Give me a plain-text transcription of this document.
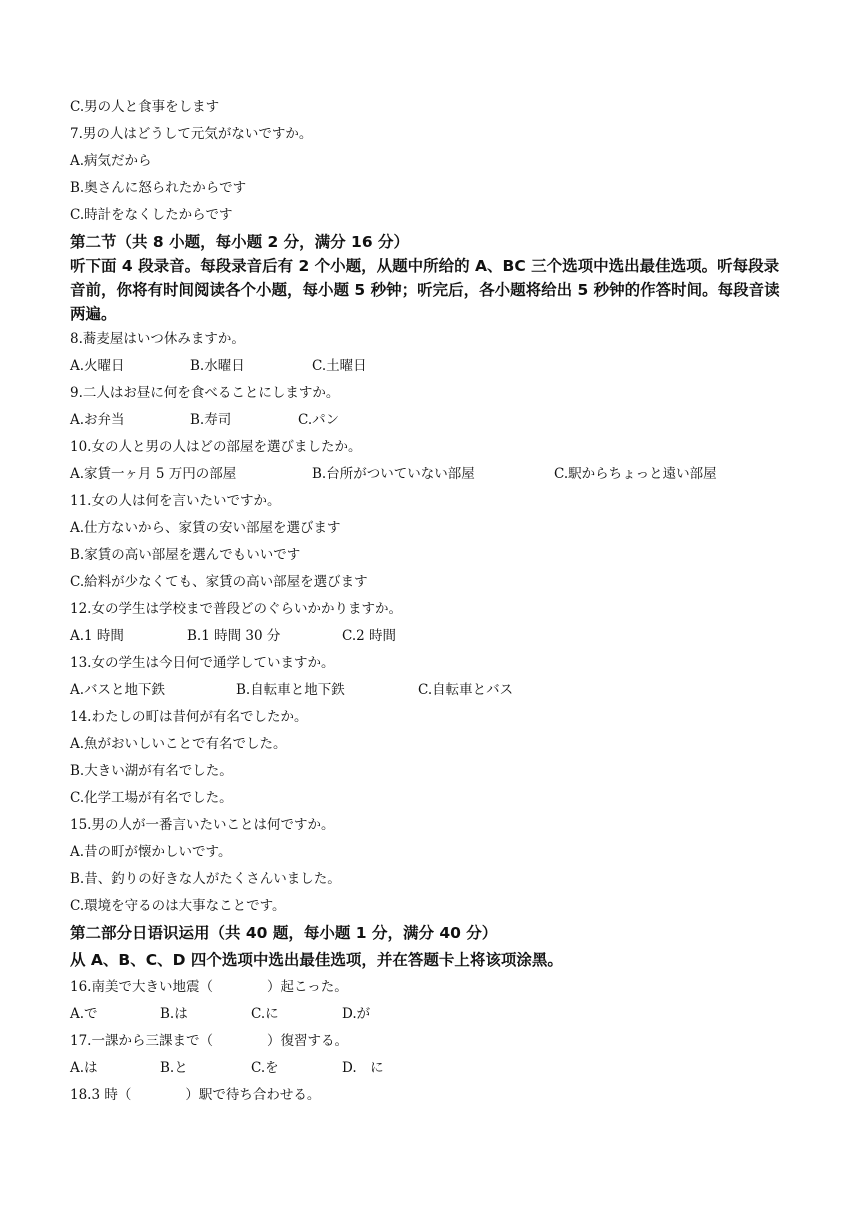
C.男の人と食事をします
7.男の人はどうして元気がないですか。
A.病気だから
B.奥さんに怒られたからです
C.時計をなくしたからです
第二节（共 8 小题，每小题 2 分，满分 16 分）
听下面 4 段录音。每段录音后有 2 个小题，从题中所给的 A、BC 三个选项中选出最佳选项。听每段录音前，你将有时间阅读各个小题，每小题 5 秒钟；听完后，各小题将给出 5 秒钟的作答时间。每段音读两遍。
8.蕎麦屋はいつ休みますか。
A.火曜日	B.水曜日	C.土曜日
9.二人はお昼に何を食べることにしますか。
A.お弁当	B.寿司	C.パン
10.女の人と男の人はどの部屋を選びましたか。
A.家賃一ヶ月 5 万円の部屋	B.台所がついていない部屋	C.駅からちょっと遠い部屋
11.女の人は何を言いたいですか。
A.仕方ないから、家賃の安い部屋を選びます
B.家賃の高い部屋を選んでもいいです
C.給料が少なくても、家賃の高い部屋を選びます
12.女の学生は学校まで普段どのぐらいかかりますか。
A.1 時間	B.1 時間 30 分	C.2 時間
13.女の学生は今日何で通学していますか。
A.バスと地下鉄	B.自転車と地下鉄	C.自転車とバス
14.わたしの町は昔何が有名でしたか。
A.魚がおいしいことで有名でした。
B.大きい湖が有名でした。
C.化学工場が有名でした。
15.男の人が一番言いたいことは何ですか。
A.昔の町が懐かしいです。
B.昔、釣りの好きな人がたくさんいました。
C.環境を守るのは大事なことです。
第二部分日语识运用（共 40 题，每小题 1 分，满分 40 分）
从 A、B、C、D 四个选项中选出最佳选项，并在答题卡上将该项涂黑。
16.南美で大きい地震（　　　　）起こった。
A.で	B.は	C.に	D.が
17.一課から三課まで（　　　　）復習する。
A.は	B.と	C.を	D.　に
18.3 時（　　　　）駅で待ち合わせる。
